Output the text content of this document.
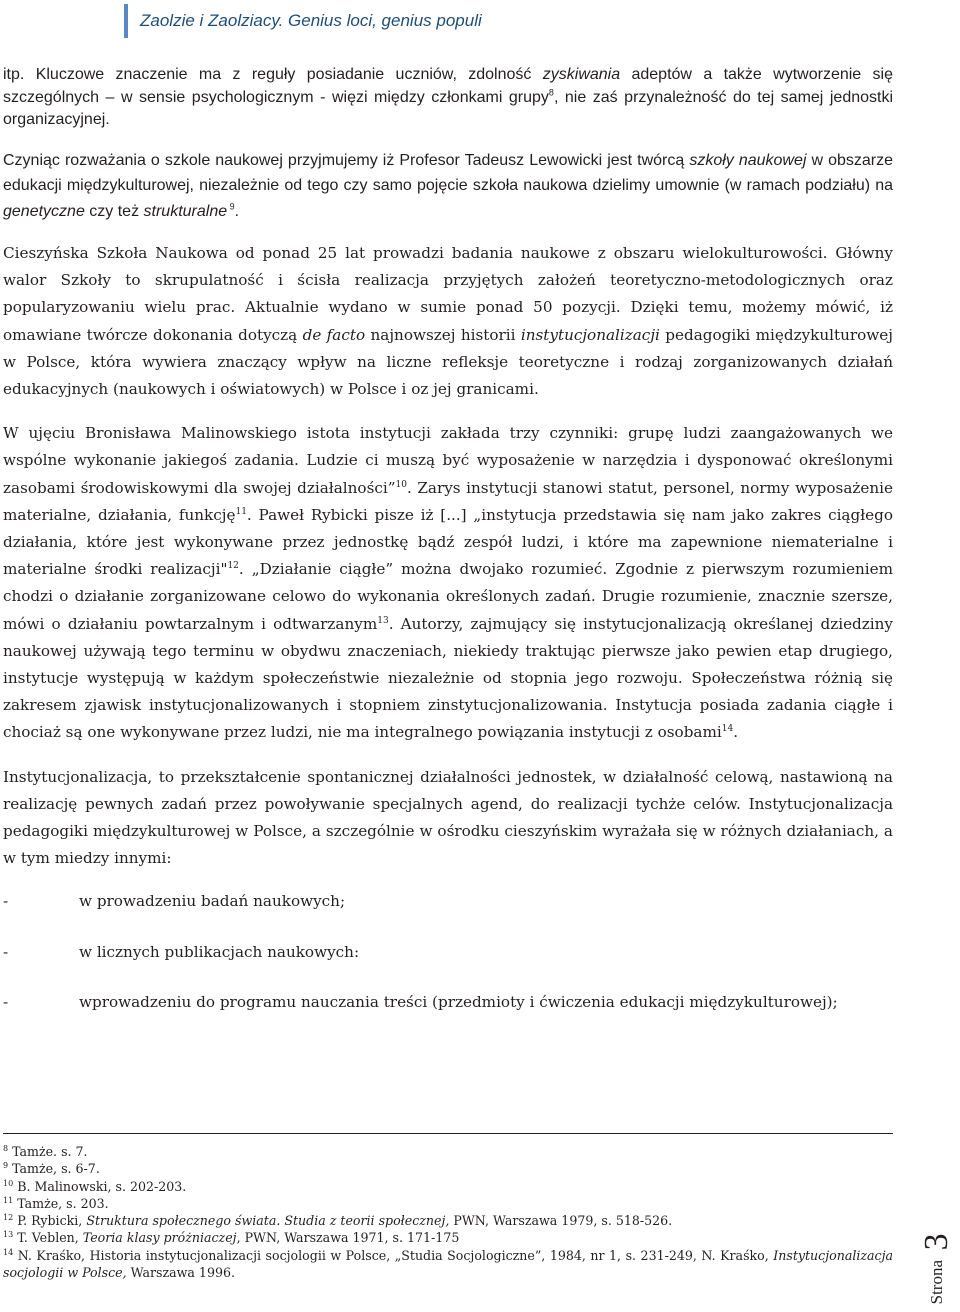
Zaolzie i Zaolziacy. Genius loci, genius populi

itp. Kluczowe znaczenie ma z reguły posiadanie uczniów, zdolność zyskiwania adeptów a także wytworzenie się szczególnych – w sensie psychologicznym - więzi między członkami grupy$^8$, nie zaś przynależność do tej samej jednostki organizacyjnej.

Czyniąc rozważania o szkole naukowej przyjmujemy iż Profesor Tadeusz Lewowicki jest twórcą szkoły naukowej w obszarze edukacji międzykulturowej, niezależnie od tego czy samo pojęcie szkoła naukowa dzielimy umownie (w ramach podziału) na genetyczne czy też strukturalne $^9$.

Cieszyńska Szkoła Naukowa od ponad 25 lat prowadzi badania naukowe z obszaru wielokulturowości. Główny walor Szkoły to skrupulatność i ścisła realizacja przyjętych założeń teoretyczno-metodologicznych oraz popularyzowaniu wielu prac. Aktualnie wydano w sumie ponad 50 pozycji. Dzięki temu, możemy mówić, iż omawiane twórcze dokonania dotyczą de facto najnowszej historii instytucjonalizacji pedagogiki międzykulturowej w Polsce, która wywiera znaczący wpływ na liczne refleksje teoretyczne i rodzaj zorganizowanych działań edukacyjnych (naukowych i oświatowych) w Polsce i oz jej granicami.

W ujęciu Bronisława Malinowskiego istota instytucji zakłada trzy czynniki: grupę ludzi zaangażowanych we wspólne wykonanie jakiegoś zadania. Ludzie ci muszą być wyposażenie w narzędzia i dysponować określonymi zasobami środowiskowymi dla swojej działalności”$^{10}$. Zarys instytucji stanowi statut, personel, normy wyposażenie materialne, działania, funkcję$^{11}$. Paweł Rybicki pisze iż [...] „instytucja przedstawia się nam jako zakres ciągłego działania, które jest wykonywane przez jednostkę bądź zespół ludzi, i które ma zapewnione niematerialne i materialne środki realizacji"$^{12}$. „Działanie ciągłe” można dwojako rozumieć. Zgodnie z pierwszym rozumieniem chodzi o działanie zorganizowane celowo do wykonania określonych zadań. Drugie rozumienie, znacznie szersze, mówi o działaniu powtarzalnym i odtwarzanym$^{13}$. Autorzy, zajmujący się instytucjonalizacją określanej dziedziny naukowej używają tego terminu w obydwu znaczeniach, niekiedy traktując pierwsze jako pewien etap drugiego, instytucje występują w każdym społeczeństwie niezależnie od stopnia jego rozwoju. Społeczeństwa różnią się zakresem zjawisk instytucjonalizowanych i stopniem zinstytucjonalizowania. Instytucja posiada zadania ciągłe i chociaż są one wykonywane przez ludzi, nie ma integralnego powiązania instytucji z osobami$^{14}$.

Instytucjonalizacja, to przekształcenie spontanicznej działalności jednostek, w działalność celową, nastawioną na realizację pewnych zadań przez powoływanie specjalnych agend, do realizacji tychże celów. Instytucjonalizacja pedagogiki międzykulturowej w Polsce, a szczególnie w ośrodku cieszyńskim wyrażała się w różnych działaniach, a w tym miedzy innymi:

-	w prowadzeniu badań naukowych;
-	w licznych publikacjach naukowych:
-	wprowadzeniu do programu nauczania treści (przedmioty i ćwiczenia edukacji międzykulturowej);
$^8$ Tamże. s. 7.
$^9$ Tamże, s. 6-7.
$^{10}$ B. Malinowski, s. 202-203.
$^{11}$ Tamże, s. 203.
$^{12}$ P. Rybicki, Struktura społecznego świata. Studia z teorii społecznej, PWN, Warszawa 1979, s. 518-526.
$^{13}$ T. Veblen, Teoria klasy próżniaczej, PWN, Warszawa 1971, s. 171-175
$^{14}$ N. Kraśko, Historia instytucjonalizacji socjologii w Polsce, „Studia Socjologiczne”, 1984, nr 1, s. 231-249, N. Kraśko, Instytucjonalizacja socjologii w Polsce, Warszawa 1996.	Strona 3
